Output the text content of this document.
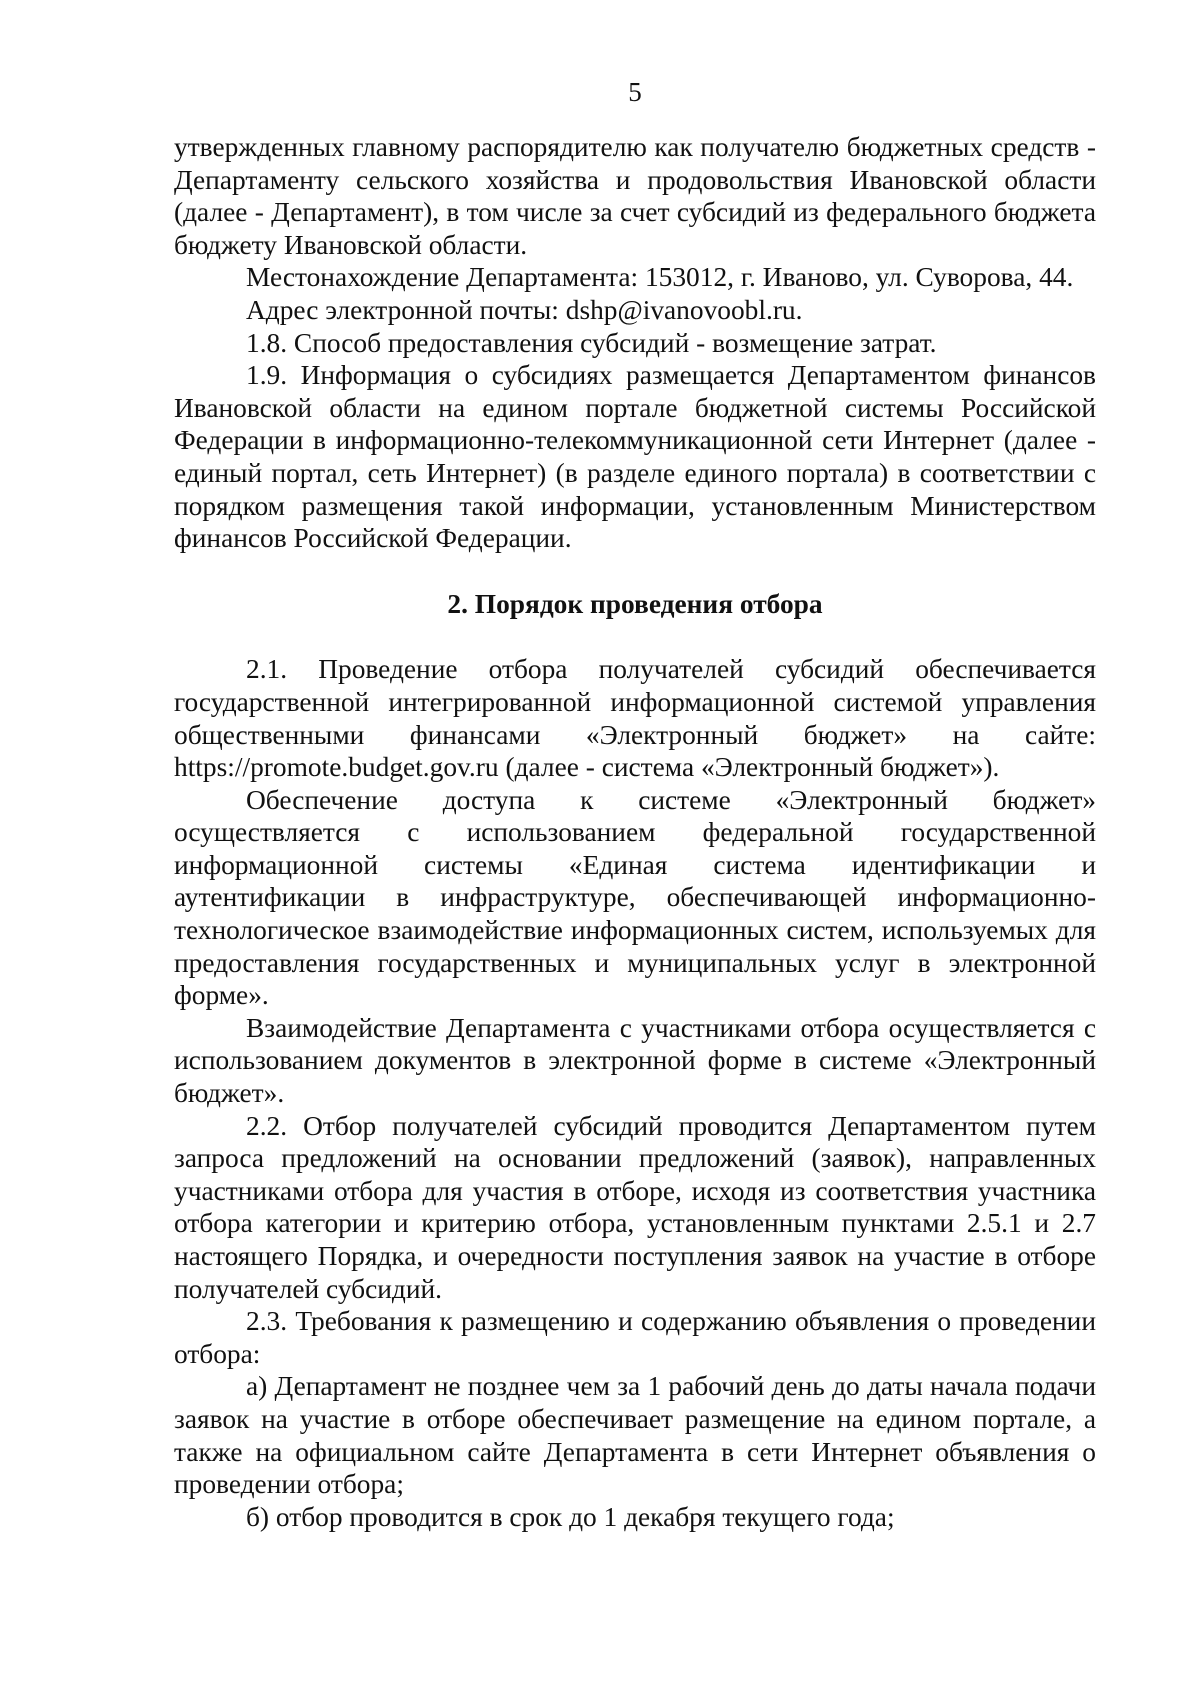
5

утвержденных главному распорядителю как получателю бюджетных средств - Департаменту сельского хозяйства и продовольствия Ивановской области (далее - Департамент), в том числе за счет субсидий из федерального бюджета бюджету Ивановской области.

Местонахождение Департамента: 153012, г. Иваново, ул. Суворова, 44.

Адрес электронной почты: dshp@ivanovoobl.ru.

1.8. Способ предоставления субсидий - возмещение затрат.

1.9. Информация о субсидиях размещается Департаментом финансов Ивановской области на едином портале бюджетной системы Российской Федерации в информационно-телекоммуникационной сети Интернет (далее - единый портал, сеть Интернет) (в разделе единого портала) в соответствии с порядком размещения такой информации, установленным Министерством финансов Российской Федерации.

2. Порядок проведения отбора

2.1. Проведение отбора получателей субсидий обеспечивается государственной интегрированной информационной системой управления общественными финансами «Электронный бюджет» на сайте: https://promote.budget.gov.ru (далее - система «Электронный бюджет»).

Обеспечение доступа к системе «Электронный бюджет» осуществляется с использованием федеральной государственной информационной системы «Единая система идентификации и аутентификации в инфраструктуре, обеспечивающей информационно-технологическое взаимодействие информационных систем, используемых для предоставления государственных и муниципальных услуг в электронной форме».

Взаимодействие Департамента с участниками отбора осуществляется с использованием документов в электронной форме в системе «Электронный бюджет».

2.2. Отбор получателей субсидий проводится Департаментом путем запроса предложений на основании предложений (заявок), направленных участниками отбора для участия в отборе, исходя из соответствия участника отбора категории и критерию отбора, установленным пунктами 2.5.1 и 2.7 настоящего Порядка, и очередности поступления заявок на участие в отборе получателей субсидий.

2.3. Требования к размещению и содержанию объявления о проведении отбора:

а) Департамент не позднее чем за 1 рабочий день до даты начала подачи заявок на участие в отборе обеспечивает размещение на едином портале, а также на официальном сайте Департамента в сети Интернет объявления о проведении отбора;

б) отбор проводится в срок до 1 декабря текущего года;
